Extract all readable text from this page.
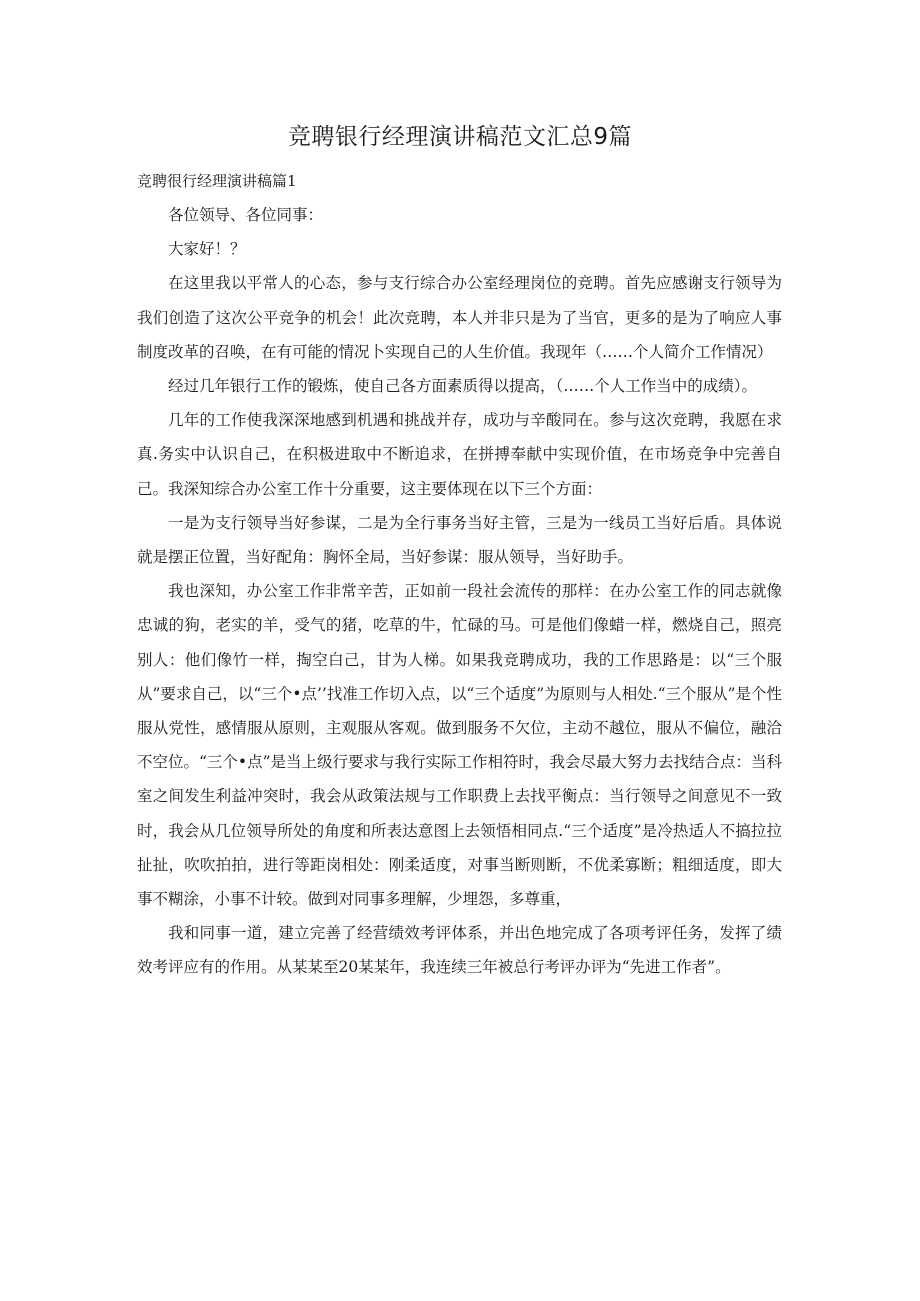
竞聘银行经理演讲稿范文汇总9篇
竞聘很行经理演讲稿篇1

各位领导、各位同事：

大家好！？

在这里我以平常人的心态，参与支行综合办公室经理岗位的竞聘。首先应感谢支行领导为我们创造了这次公平竞争的机会！此次竞聘，本人并非只是为了当官，更多的是为了响应人事制度改革的召唤，在有可能的情况卜实现自己的人生价值。我现年（……个人简介工作情况）

经过几年银行工作的锻炼，使自己各方面素质得以提高，（……个人工作当中的成绩）。

几年的工作使我深深地感到机遇和挑战并存，成功与辛酸同在。参与这次竞聘，我愿在求真.务实中认识自己，在积极进取中不断追求，在拼搏奉献中实现价值，在市场竞争中完善自己。我深知综合办公室工作十分重要，这主要体现在以下三个方面：

一是为支行领导当好参谋，二是为全行事务当好主管，三是为一线员工当好后盾。具体说就是摆正位置，当好配角：胸怀全局，当好参谋：服从领导，当好助手。

我也深知，办公室工作非常辛苦，正如前一段社会流传的那样：在办公室工作的同志就像忠诚的狗，老实的羊，受气的猪，吃草的牛，忙碌的马。可是他们像蜡一样，燃烧自己，照亮别人：他们像竹一样，掏空白己，甘为人梯。如果我竞聘成功，我的工作思路是：以“三个服从”要求自己，以“三个•点’’找准工作切入点，以“三个适度”为原则与人相处.“三个服从”是个性服从党性，感情服从原则，主观服从客观。做到服务不欠位，主动不越位，服从不偏位，融洽不空位。“三个•点”是当上级行要求与我行实际工作相符时，我会尽最大努力去找结合点：当科室之间发生利益冲突时，我会从政策法规与工作职费上去找平衡点：当行领导之间意见不一致时，我会从几位领导所处的角度和所表达意图上去领悟相同点.“三个适度”是冷热适人不搞拉拉扯扯，吹吹拍拍，进行等距岗相处：刚柔适度，对事当断则断，不优柔寡断；粗细适度，即大事不糊涂，小事不计较。做到对同事多理解，少埋怨，多尊重，

我和同事一道，建立完善了经营绩效考评体系，并出色地完成了各项考评任务，发挥了绩效考评应有的作用。从某某至20某某年，我连续三年被总行考评办评为“先进工作者”。
